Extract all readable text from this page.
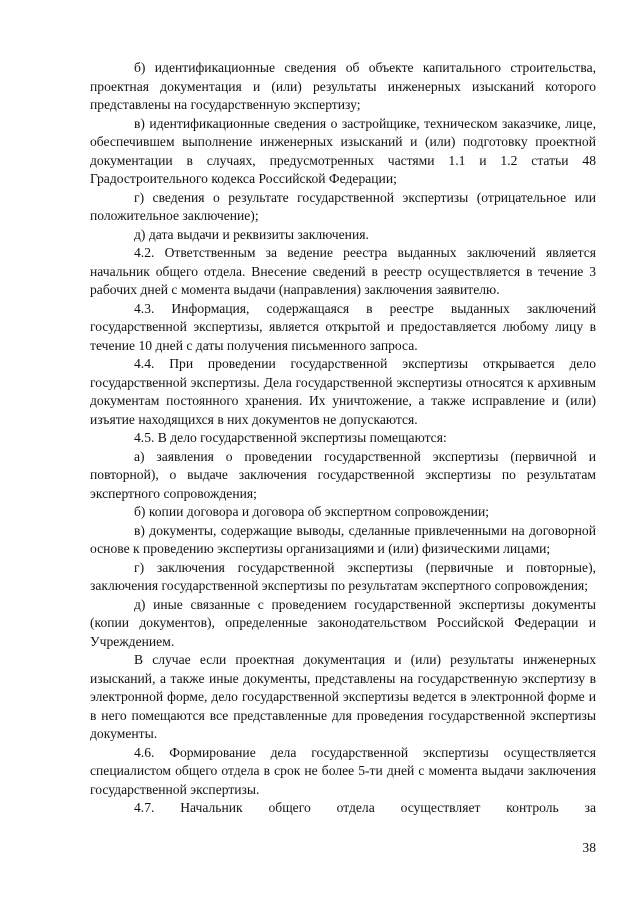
б) идентификационные сведения об объекте капитального строительства, проектная документация и (или) результаты инженерных изысканий которого представлены на государственную экспертизу;

в) идентификационные сведения о застройщике, техническом заказчике, лице, обеспечившем выполнение инженерных изысканий и (или) подготовку проектной документации в случаях, предусмотренных частями 1.1 и 1.2 статьи 48 Градостроительного кодекса Российской Федерации;

г) сведения о результате государственной экспертизы (отрицательное или положительное заключение);

д) дата выдачи и реквизиты заключения.

4.2. Ответственным за ведение реестра выданных заключений является начальник общего отдела. Внесение сведений в реестр осуществляется в течение 3 рабочих дней с момента выдачи (направления) заключения заявителю.

4.3. Информация, содержащаяся в реестре выданных заключений государственной экспертизы, является открытой и предоставляется любому лицу в течение 10 дней с даты получения письменного запроса.

4.4. При проведении государственной экспертизы открывается дело государственной экспертизы. Дела государственной экспертизы относятся к архивным документам постоянного хранения. Их уничтожение, а также исправление и (или) изъятие находящихся в них документов не допускаются.

4.5. В дело государственной экспертизы помещаются:

а) заявления о проведении государственной экспертизы (первичной и повторной), о выдаче заключения государственной экспертизы по результатам экспертного сопровождения;

б) копии договора и договора об экспертном сопровождении;

в) документы, содержащие выводы, сделанные привлеченными на договорной основе к проведению экспертизы организациями и (или) физическими лицами;

г) заключения государственной экспертизы (первичные и повторные), заключения государственной экспертизы по результатам экспертного сопровождения;

д) иные связанные с проведением государственной экспертизы документы (копии документов), определенные законодательством Российской Федерации и Учреждением.

В случае если проектная документация и (или) результаты инженерных изысканий, а также иные документы, представлены на государственную экспертизу в электронной форме, дело государственной экспертизы ведется в электронной форме и в него помещаются все представленные для проведения государственной экспертизы документы.

4.6. Формирование дела государственной экспертизы осуществляется специалистом общего отдела в срок не более 5-ти дней с момента выдачи заключения государственной экспертизы.

4.7. Начальник общего отдела осуществляет контроль за

38
